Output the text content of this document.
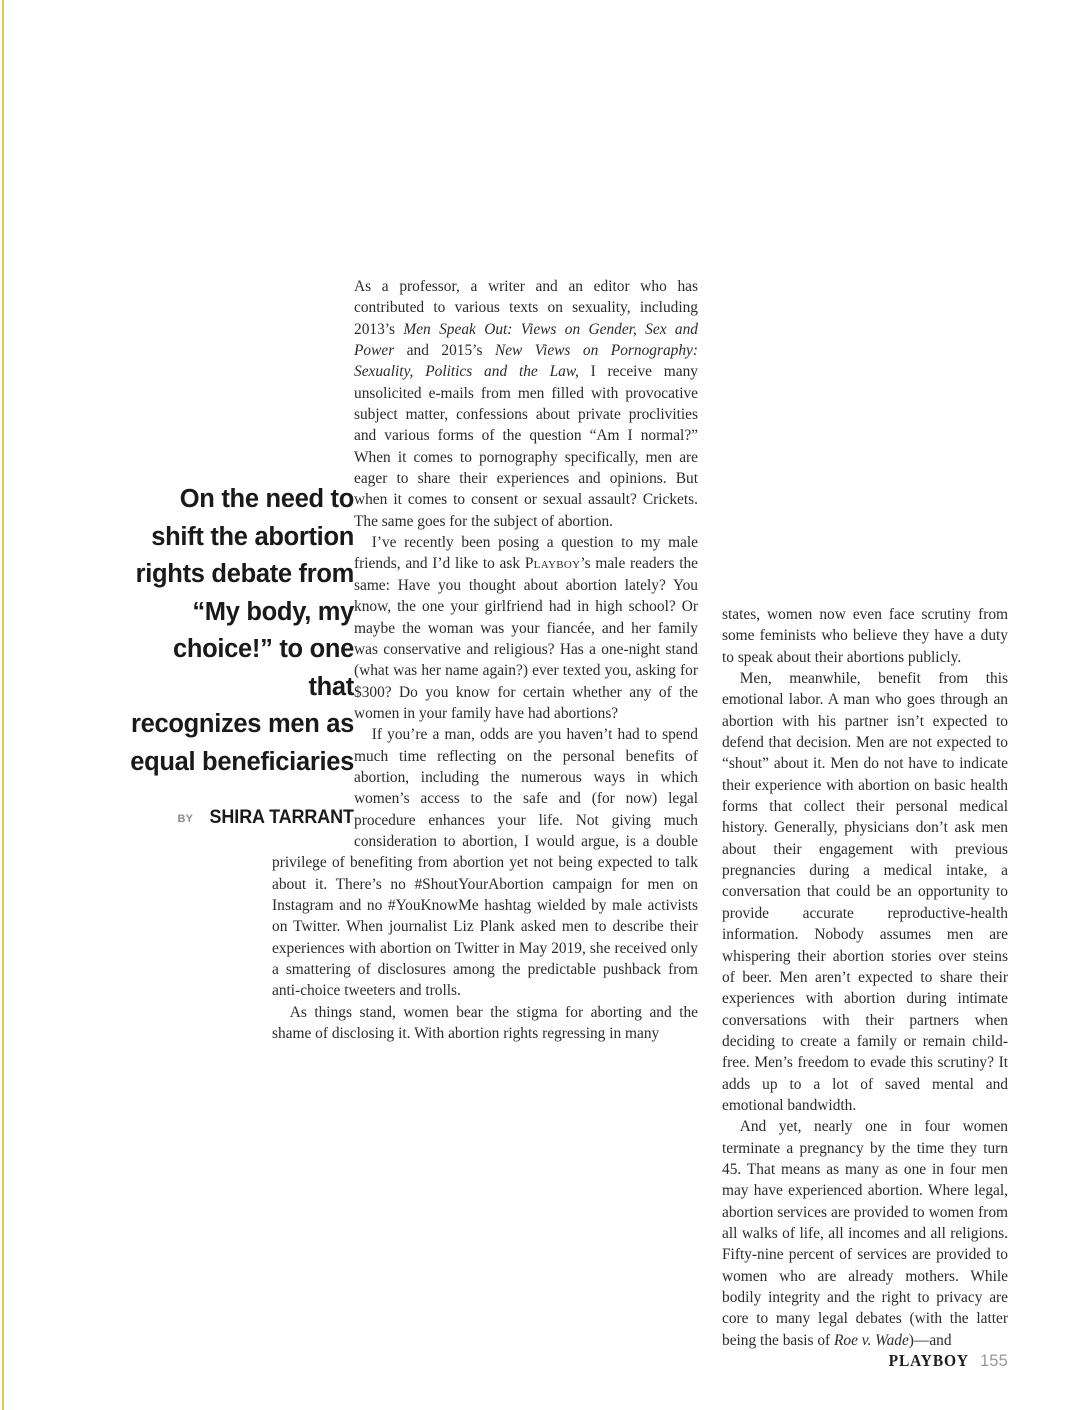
On the need to
shift the abortion
rights debate from
“My body, my
choice!” to one that
recognizes men as
equal beneficiaries
BY SHIRA TARRANT

As a professor, a writer and an editor who has contributed to various texts on sexuality, including 2013’s Men Speak Out: Views on Gender, Sex and Power and 2015’s New Views on Pornography: Sexuality, Politics and the Law, I receive many unsolicited e-mails from men filled with provocative subject matter, confessions about private proclivities and various forms of the question “Am I normal?” When it comes to pornography specifically, men are eager to share their experiences and opinions. But when it comes to consent or sexual assault? Crickets. The same goes for the subject of abortion.

I’ve recently been posing a question to my male friends, and I’d like to ask Playboy’s male readers the same: Have you thought about abortion lately? You know, the one your girlfriend had in high school? Or maybe the woman was your fiancée, and her family was conservative and religious? Has a one-night stand (what was her name again?) ever texted you, asking for $300? Do you know for certain whether any of the women in your family have had abortions?

If you’re a man, odds are you haven’t had to spend much time reflecting on the personal benefits of abortion, including the numerous ways in which women’s access to the safe and (for now) legal procedure enhances your life. Not giving much consideration to abortion, I would argue, is a double privilege of benefiting from abortion yet not being expected to talk about it. There’s no #ShoutYourAbortion campaign for men on Instagram and no #YouKnowMe hashtag wielded by male activists on Twitter. When journalist Liz Plank asked men to describe their experiences with abortion on Twitter in May 2019, she received only a smattering of disclosures among the predictable pushback from anti-choice tweeters and trolls.

As things stand, women bear the stigma for aborting and the shame of disclosing it. With abortion rights regressing in many

states, women now even face scrutiny from some feminists who believe they have a duty to speak about their abortions publicly.

Men, meanwhile, benefit from this emotional labor. A man who goes through an abortion with his partner isn’t expected to defend that decision. Men are not expected to “shout” about it. Men do not have to indicate their experience with abortion on basic health forms that collect their personal medical history. Generally, physicians don’t ask men about their engagement with previous pregnancies during a medical intake, a conversation that could be an opportunity to provide accurate reproductive-health information. Nobody assumes men are whispering their abortion stories over steins of beer. Men aren’t expected to share their experiences with abortion during intimate conversations with their partners when deciding to create a family or remain child-free. Men’s freedom to evade this scrutiny? It adds up to a lot of saved mental and emotional bandwidth.

And yet, nearly one in four women terminate a pregnancy by the time they turn 45. That means as many as one in four men may have experienced abortion. Where legal, abortion services are provided to women from all walks of life, all incomes and all religions. Fifty-nine percent of services are provided to women who are already mothers. While bodily integrity and the right to privacy are core to many legal debates (with the latter being the basis of Roe v. Wade)—and

PLAYBOY 155
